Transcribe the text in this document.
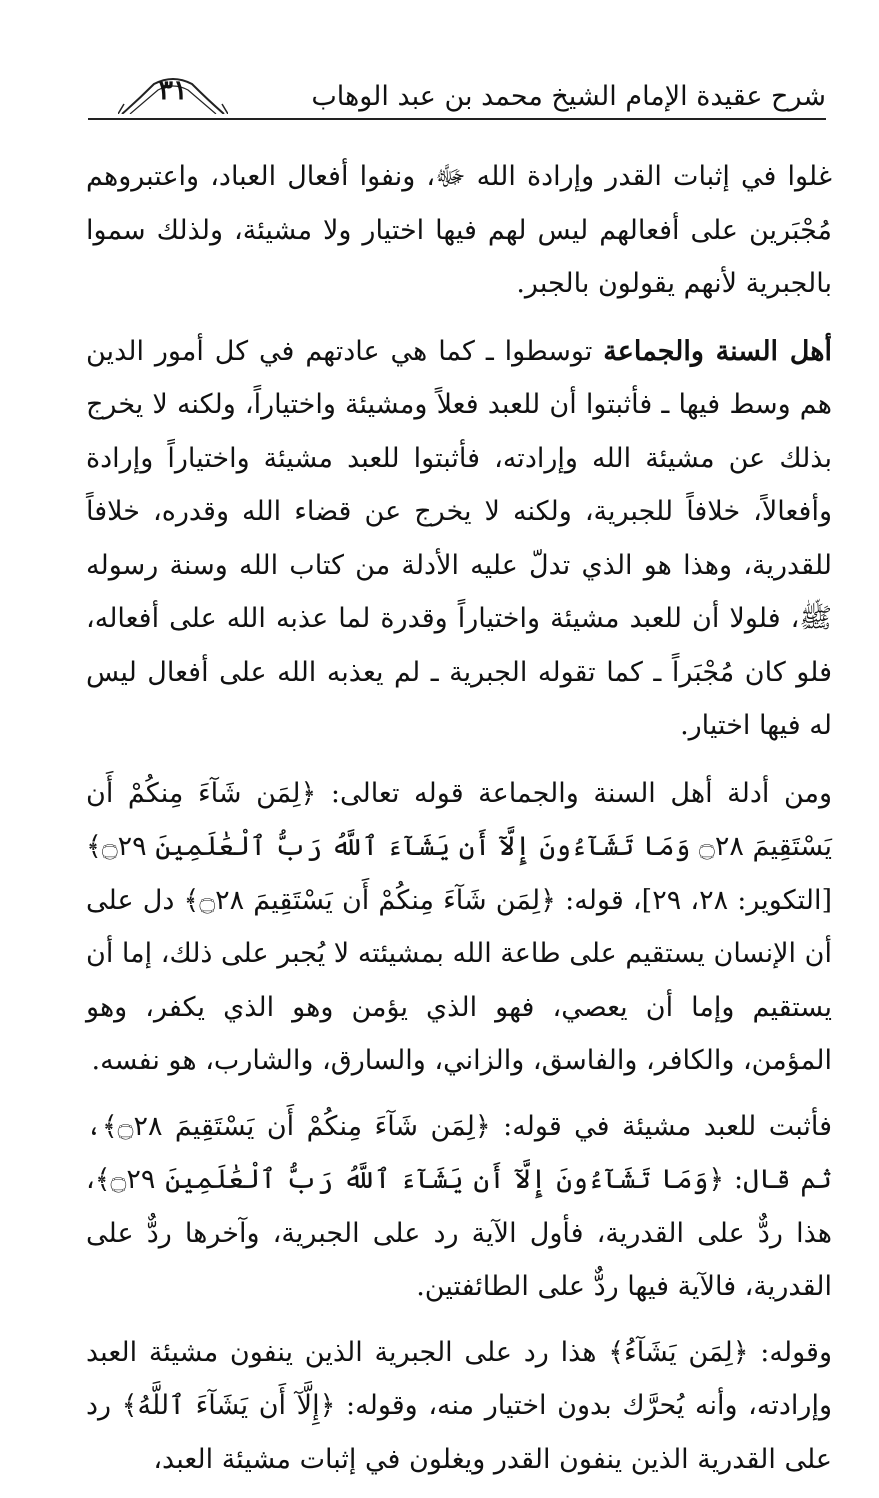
شرح عقيدة الإمام الشيخ محمد بن عبد الوهاب
٣١

غلوا في إثبات القدر وإرادة الله ﷻ، ونفوا أفعال العباد، واعتبروهم مُجْبَرين على أفعالهم ليس لهم فيها اختيار ولا مشيئة، ولذلك سموا بالجبرية لأنهم يقولون بالجبر.

أهل السنة والجماعة توسطوا ـ كما هي عادتهم في كل أمور الدين هم وسط فيها ـ فأثبتوا أن للعبد فعلاً ومشيئة واختياراً، ولكنه لا يخرج بذلك عن مشيئة الله وإرادته، فأثبتوا للعبد مشيئة واختياراً وإرادة وأفعالاً، خلافاً للجبرية، ولكنه لا يخرج عن قضاء الله وقدره، خلافاً للقدرية، وهذا هو الذي تدلّ عليه الأدلة من كتاب الله وسنة رسوله ﷺ، فلولا أن للعبد مشيئة واختياراً وقدرة لما عذبه الله على أفعاله، فلو كان مُجْبَراً ـ كما تقوله الجبرية ـ لم يعذبه الله على أفعال ليس له فيها اختيار.

ومن أدلة أهل السنة والجماعة قوله تعالى: ﴿لِمَن شَآءَ مِنكُمْ أَن يَسْتَقِيمَ ۝٢٨ وَمَا تَشَآءُونَ إِلَّآ أَن يَشَآءَ ٱللَّهُ رَبُّ ٱلْعَٰلَمِينَ ۝٢٩﴾ [التكوير: ٢٨، ٢٩]، قوله: ﴿لِمَن شَآءَ مِنكُمْ أَن يَسْتَقِيمَ ۝٢٨﴾ دل على أن الإنسان يستقيم على طاعة الله بمشيئته لا يُجبر على ذلك، إما أن يستقيم وإما أن يعصي، فهو الذي يؤمن وهو الذي يكفر، وهو المؤمن، والكافر، والفاسق، والزاني، والسارق، والشارب، هو نفسه.

فأثبت للعبد مشيئة في قوله: ﴿لِمَن شَآءَ مِنكُمْ أَن يَسْتَقِيمَ ۝٢٨﴾، ثم قال: ﴿وَمَا تَشَآءُونَ إِلَّآ أَن يَشَآءَ ٱللَّهُ رَبُّ ٱلْعَٰلَمِينَ ۝٢٩﴾، هذا ردٌّ على القدرية، فأول الآية رد على الجبرية، وآخرها ردٌّ على القدرية، فالآية فيها ردٌّ على الطائفتين.

وقوله: ﴿لِمَن يَشَآءُ﴾ هذا رد على الجبرية الذين ينفون مشيئة العبد وإرادته، وأنه يُحرَّك بدون اختيار منه، وقوله: ﴿إِلَّآ أَن يَشَآءَ ٱللَّهُ﴾ رد على القدرية الذين ينفون القدر ويغلون في إثبات مشيئة العبد،
